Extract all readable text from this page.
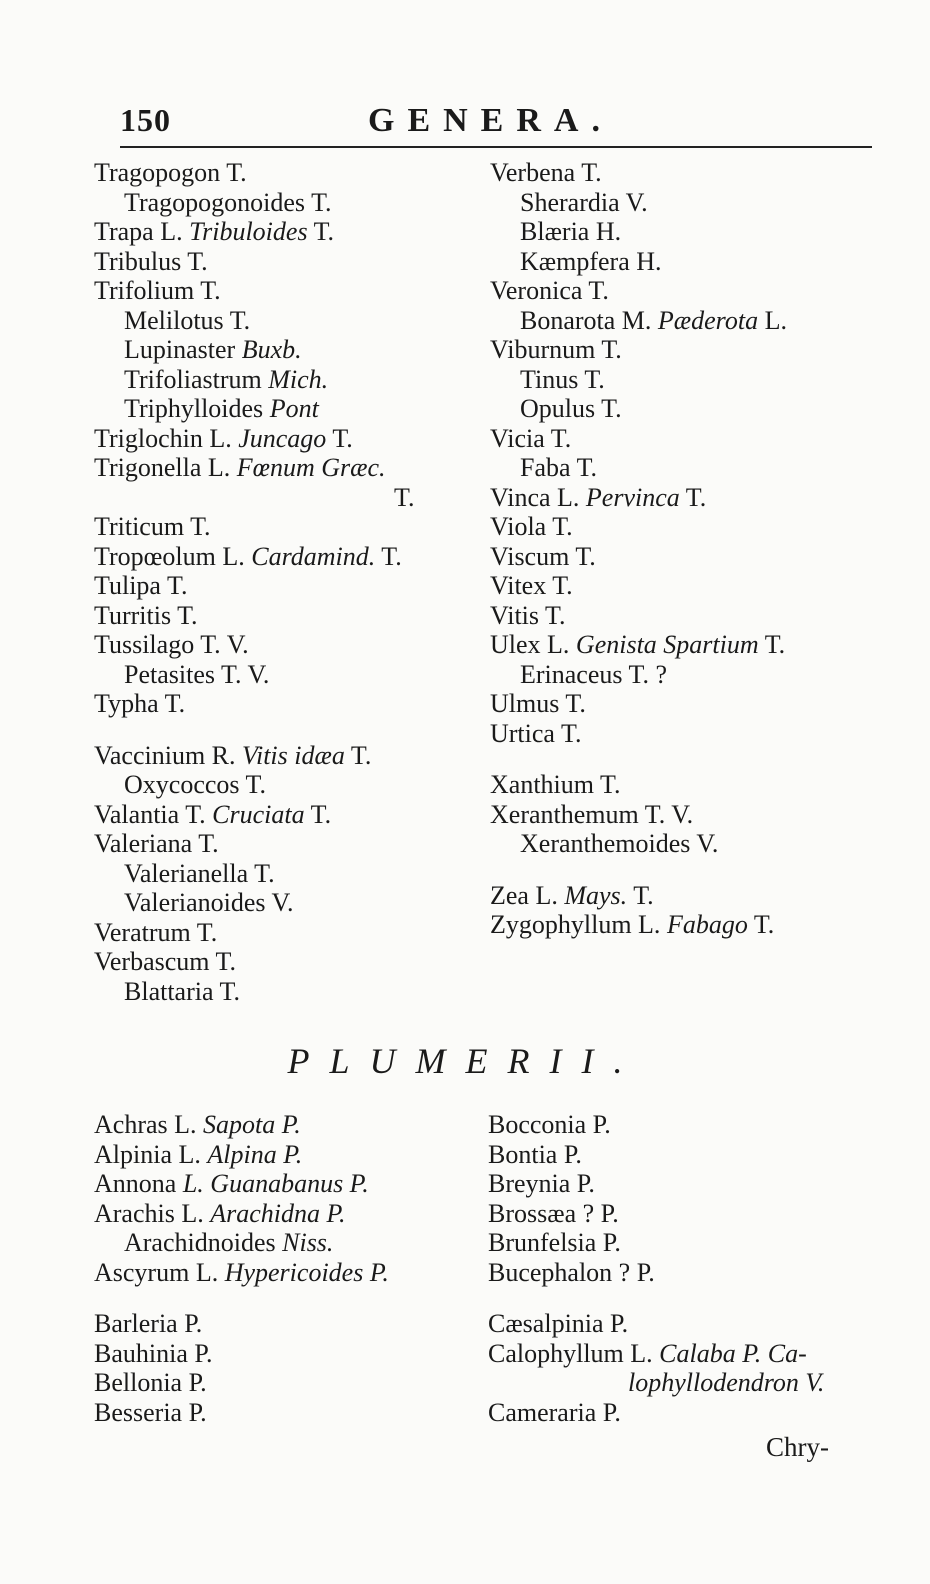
150	GENERA.
Tragopogon T.
Tragopogonoides T.
Trapa L. Tribuloides T.
Tribulus T.
Trifolium T.
Melilotus T.
Lupinaster Buxb.
Trifoliastrum Mich.
Triphylloides Pont
Triglochin L. Juncago T.
Trigonella L. Fœnum Græc.
T.
Triticum T.
Tropœolum L. Cardamind. T.
Tulipa T.
Turritis T.
Tussilago T. V.
Petasites T. V.
Typha T.
Vaccinium R. Vitis idæa T.
Oxycoccos T.
Valantia T. Cruciata T.
Valeriana T.
Valerianella T.
Valerianoides V.
Veratrum T.
Verbascum T.
Blattaria T.
Verbena T.
Sherardia V.
Blæria H.
Kæmpfera H.
Veronica T.
Bonarota M. Pæderota L.
Viburnum T.
Tinus T.
Opulus T.
Vicia T.
Faba T.
Vinca L. Pervinca T.
Viola T.
Viscum T.
Vitex T.
Vitis T.
Ulex L. Genista Spartium T.
Erinaceus T. ?
Ulmus T.
Urtica T.
Xanthium T.
Xeranthemum T. V.
Xeranthemoides V.
Zea L. Mays. T.
Zygophyllum L. Fabago T.
PLUMERII.
Achras L. Sapota P.
Alpinia L. Alpina P.
Annona L. Guanabanus P.
Arachis L. Arachidna P.
Arachidnoides Niss.
Ascyrum L. Hypericoides P.
Barleria P.
Bauhinia P.
Bellonia P.
Besseria P.
Bocconia P.
Bontia P.
Breynia P.
Brossæa ? P.
Brunfelsia P.
Bucephalon ? P.
Cæsalpinia P.
Calophyllum L. Calaba P. Ca-
lophyllodendron V.
Cameraria P.
Chry-
